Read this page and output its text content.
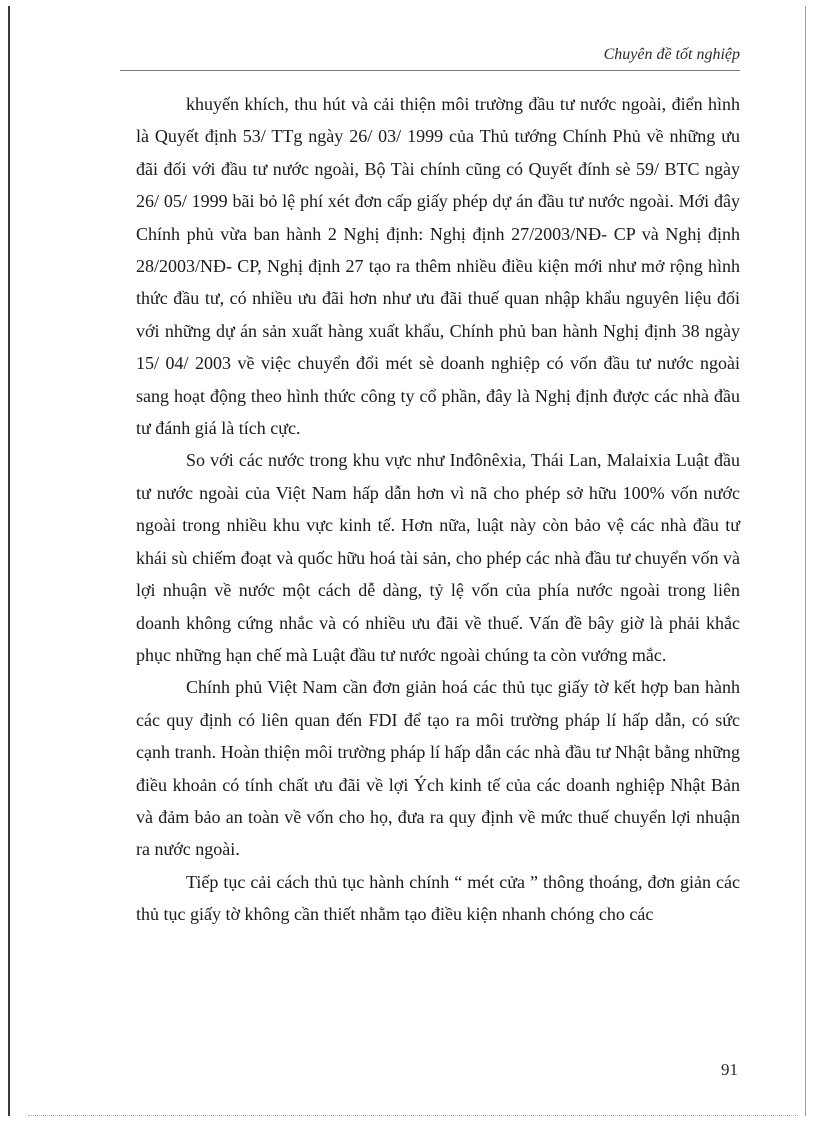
Chuyên đề tốt nghiệp

khuyến khích, thu hút và cải thiện môi trường đầu tư nước ngoài, điển hình là Quyết định 53/ TTg ngày 26/ 03/ 1999 của Thủ tướng Chính Phủ về những ưu đãi đối với đầu tư nước ngoài, Bộ Tài chính cũng có Quyết đính sè 59/ BTC ngày 26/ 05/ 1999 bãi bỏ lệ phí xét đơn cấp giấy phép dự án đầu tư nước ngoài. Mới đây Chính phủ vừa ban hành 2 Nghị định: Nghị định 27/2003/NĐ- CP và Nghị định 28/2003/NĐ- CP, Nghị định 27 tạo ra thêm nhiều điều kiện mới như mở rộng hình thức đầu tư, có nhiều ưu đãi hơn như ưu đãi thuế quan nhập khẩu nguyên liệu đối với những dự án sản xuất hàng xuất khẩu, Chính phủ ban hành Nghị định 38 ngày 15/ 04/ 2003 về việc chuyển đổi mét sè doanh nghiệp có vốn đầu tư nước ngoài sang hoạt động theo hình thức công ty cổ phần, đây là Nghị định được các nhà đầu tư đánh giá là tích cực.

So với các nước trong khu vực như Inđônêxia, Thái Lan, Malaixia Luật đầu tư nước ngoài của Việt Nam hấp dẫn hơn vì nã cho phép sở hữu 100% vốn nước ngoài trong nhiều khu vực kinh tế. Hơn nữa, luật này còn bảo vệ các nhà đầu tư khái sù chiếm đoạt và quốc hữu hoá tài sản, cho phép các nhà đầu tư chuyển vốn và lợi nhuận về nước một cách dễ dàng, tỷ lệ vốn của phía nước ngoài trong liên doanh không cứng nhắc và có nhiều ưu đãi về thuế. Vấn đề bây giờ là phải khắc phục những hạn chế mà Luật đầu tư nước ngoài chúng ta còn vướng mắc.

Chính phủ Việt Nam cần đơn giản hoá các thủ tục giấy tờ kết hợp ban hành các quy định có liên quan đến FDI để tạo ra môi trường pháp lí hấp dẫn, có sức cạnh tranh. Hoàn thiện môi trường pháp lí hấp dẫn các nhà đầu tư Nhật bằng những điều khoản có tính chất ưu đãi về lợi Ých kinh tế của các doanh nghiệp Nhật Bản và đảm bảo an toàn về vốn cho họ, đưa ra quy định về mức thuế chuyển lợi nhuận ra nước ngoài.

Tiếp tục cải cách thủ tục hành chính “ mét cửa ” thông thoáng, đơn giản các thủ tục giấy tờ không cần thiết nhằm tạo điều kiện nhanh chóng cho các

91
